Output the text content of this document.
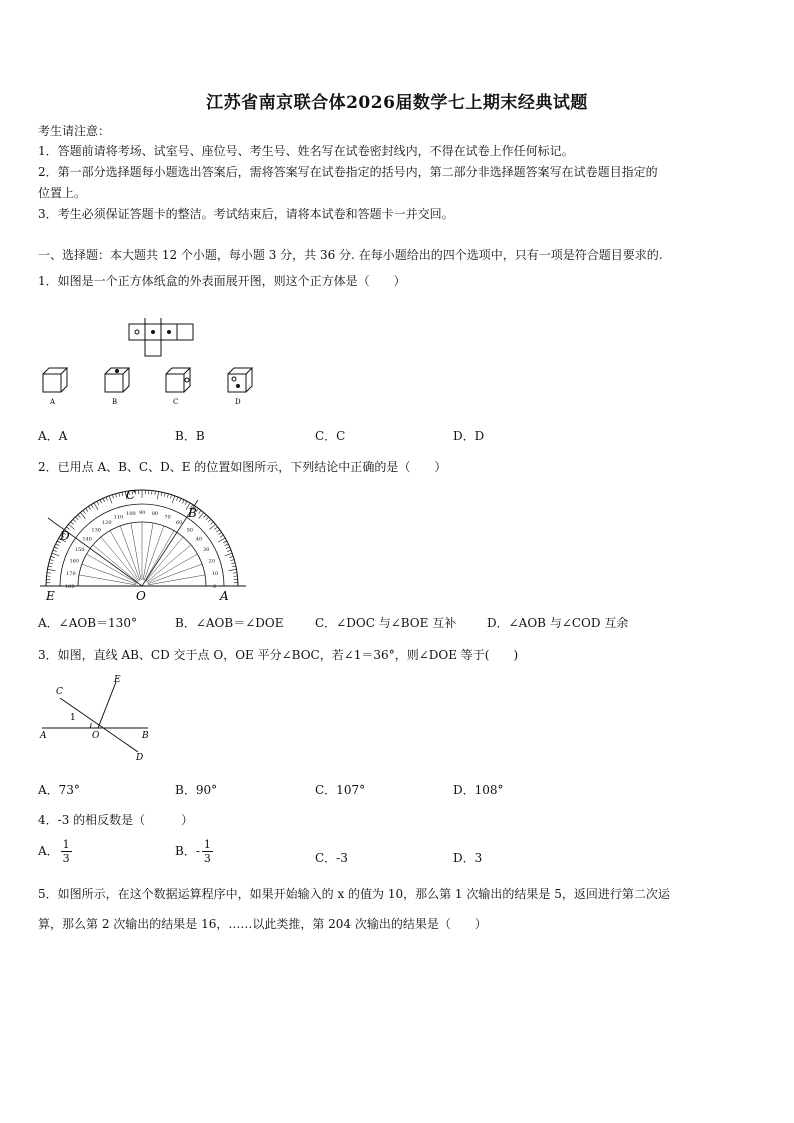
江苏省南京联合体2026届数学七上期末经典试题
考生请注意：
1．答题前请将考场、试室号、座位号、考生号、姓名写在试卷密封线内，不得在试卷上作任何标记。
2．第一部分选择题每小题选出答案后，需将答案写在试卷指定的括号内，第二部分非选择题答案写在试卷题目指定的
位置上。
3．考生必须保证答题卡的整洁。考试结束后，请将本试卷和答题卡一并交回。
一、选择题：本大题共 12 个小题，每小题 3 分，共 36 分. 在每小题给出的四个选项中，只有一项是符合题目要求的.
1．如图是一个正方体纸盒的外表面展开图，则这个正方体是（　　）
A	B	C	D
A．A	B．B	C．C	D．D
2．已用点 A、B、C、D、E 的位置如图所示，下列结论中正确的是（　　）
0
10
20
30
40
50
60
70
80
90
100
110
120
130
140
150
160
170
180
C
B
D
E	O	A
A．∠AOB＝130°	B．∠AOB＝∠DOE	C．∠DOC 与∠BOE 互补	D．∠AOB 与∠COD 互余
3．如图，直线 AB、CD 交于点 O，OE 平分∠BOC，若∠1＝36°，则∠DOE 等于(　　)
C
E
A	B
O
D
1
A．73°	B．90°	C．107°	D．108°
4．-3 的相反数是（　　　）
A． $\frac{1}{3}$	B．- $\frac{1}{3}$	C．-3	D．3
5．如图所示，在这个数据运算程序中，如果开始输入的 x 的值为 10，那么第 1 次输出的结果是 5，返回进行第二次运
算，那么第 2 次输出的结果是 16，……以此类推，第 204 次输出的结果是（　　）
